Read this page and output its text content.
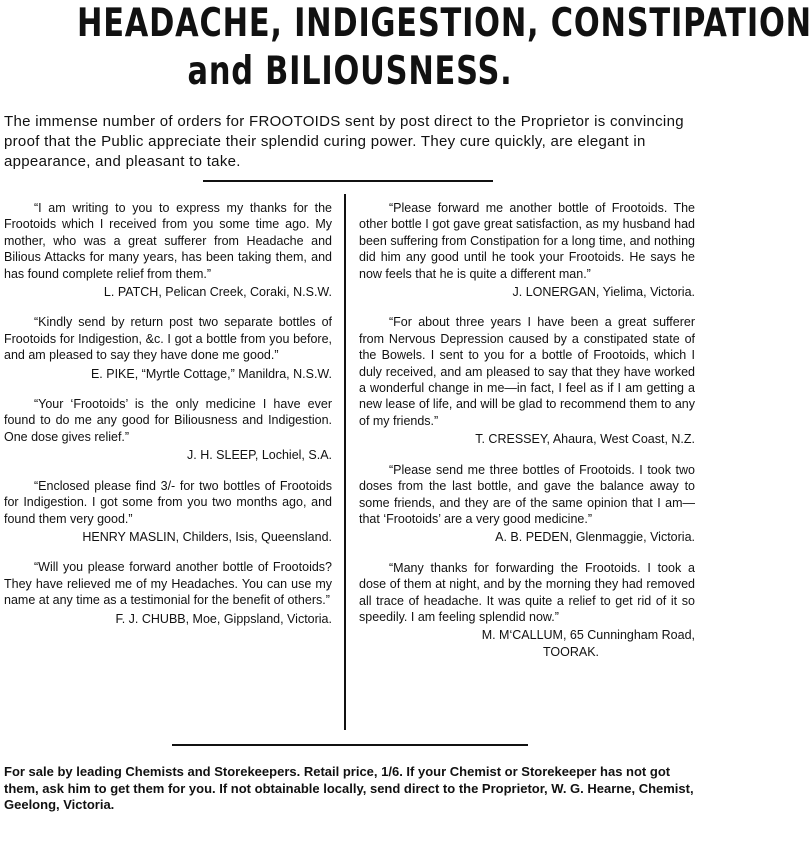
HEADACHE, INDIGESTION, CONSTIPATION
and BILIOUSNESS.
The immense number of orders for FROOTOIDS sent by post direct to the Proprietor is convincing proof that the Public appreciate their splendid curing power. They cure quickly, are elegant in appearance, and pleasant to take.

“I am writing to you to express my thanks for the Frootoids which I received from you some time ago. My mother, who was a great sufferer from Headache and Bilious Attacks for many years, has been taking them, and has found complete relief from them.”

L. PATCH, Pelican Creek, Coraki, N.S.W.

“Kindly send by return post two separate bottles of Frootoids for Indigestion, &c. I got a bottle from you before, and am pleased to say they have done me good.”

E. PIKE, “Myrtle Cottage,” Manildra, N.S.W.

“Your ‘Frootoids’ is the only medicine I have ever found to do me any good for Biliousness and Indigestion. One dose gives relief.”

J. H. SLEEP, Lochiel, S.A.

“Enclosed please find 3/- for two bottles of Frootoids for Indigestion. I got some from you two months ago, and found them very good.”

HENRY MASLIN, Childers, Isis, Queensland.

“Will you please forward another bottle of Frootoids? They have relieved me of my Headaches. You can use my name at any time as a testimonial for the benefit of others.”

F. J. CHUBB, Moe, Gippsland, Victoria.

“Please forward me another bottle of Frootoids. The other bottle I got gave great satisfaction, as my husband had been suffering from Constipation for a long time, and nothing did him any good until he took your Frootoids. He says he now feels that he is quite a different man.”

J. LONERGAN, Yielima, Victoria.

“For about three years I have been a great sufferer from Nervous Depression caused by a constipated state of the Bowels. I sent to you for a bottle of Frootoids, which I duly received, and am pleased to say that they have worked a wonderful change in me—in fact, I feel as if I am getting a new lease of life, and will be glad to recommend them to any of my friends.”

T. CRESSEY, Ahaura, West Coast, N.Z.

“Please send me three bottles of Frootoids. I took two doses from the last bottle, and gave the balance away to some friends, and they are of the same opinion that I am—that ‘Frootoids’ are a very good medicine.”

A. B. PEDEN, Glenmaggie, Victoria.

“Many thanks for forwarding the Frootoids. I took a dose of them at night, and by the morning they had removed all trace of headache. It was quite a relief to get rid of it so speedily. I am feeling splendid now.”

M. M‘CALLUM, 65 Cunningham Road,

TOORAK.

For sale by leading Chemists and Storekeepers. Retail price, 1/6. If your Chemist or Storekeeper has not got them, ask him to get them for you. If not obtainable locally, send direct to the Proprietor, W. G. Hearne, Chemist, Geelong, Victoria.
